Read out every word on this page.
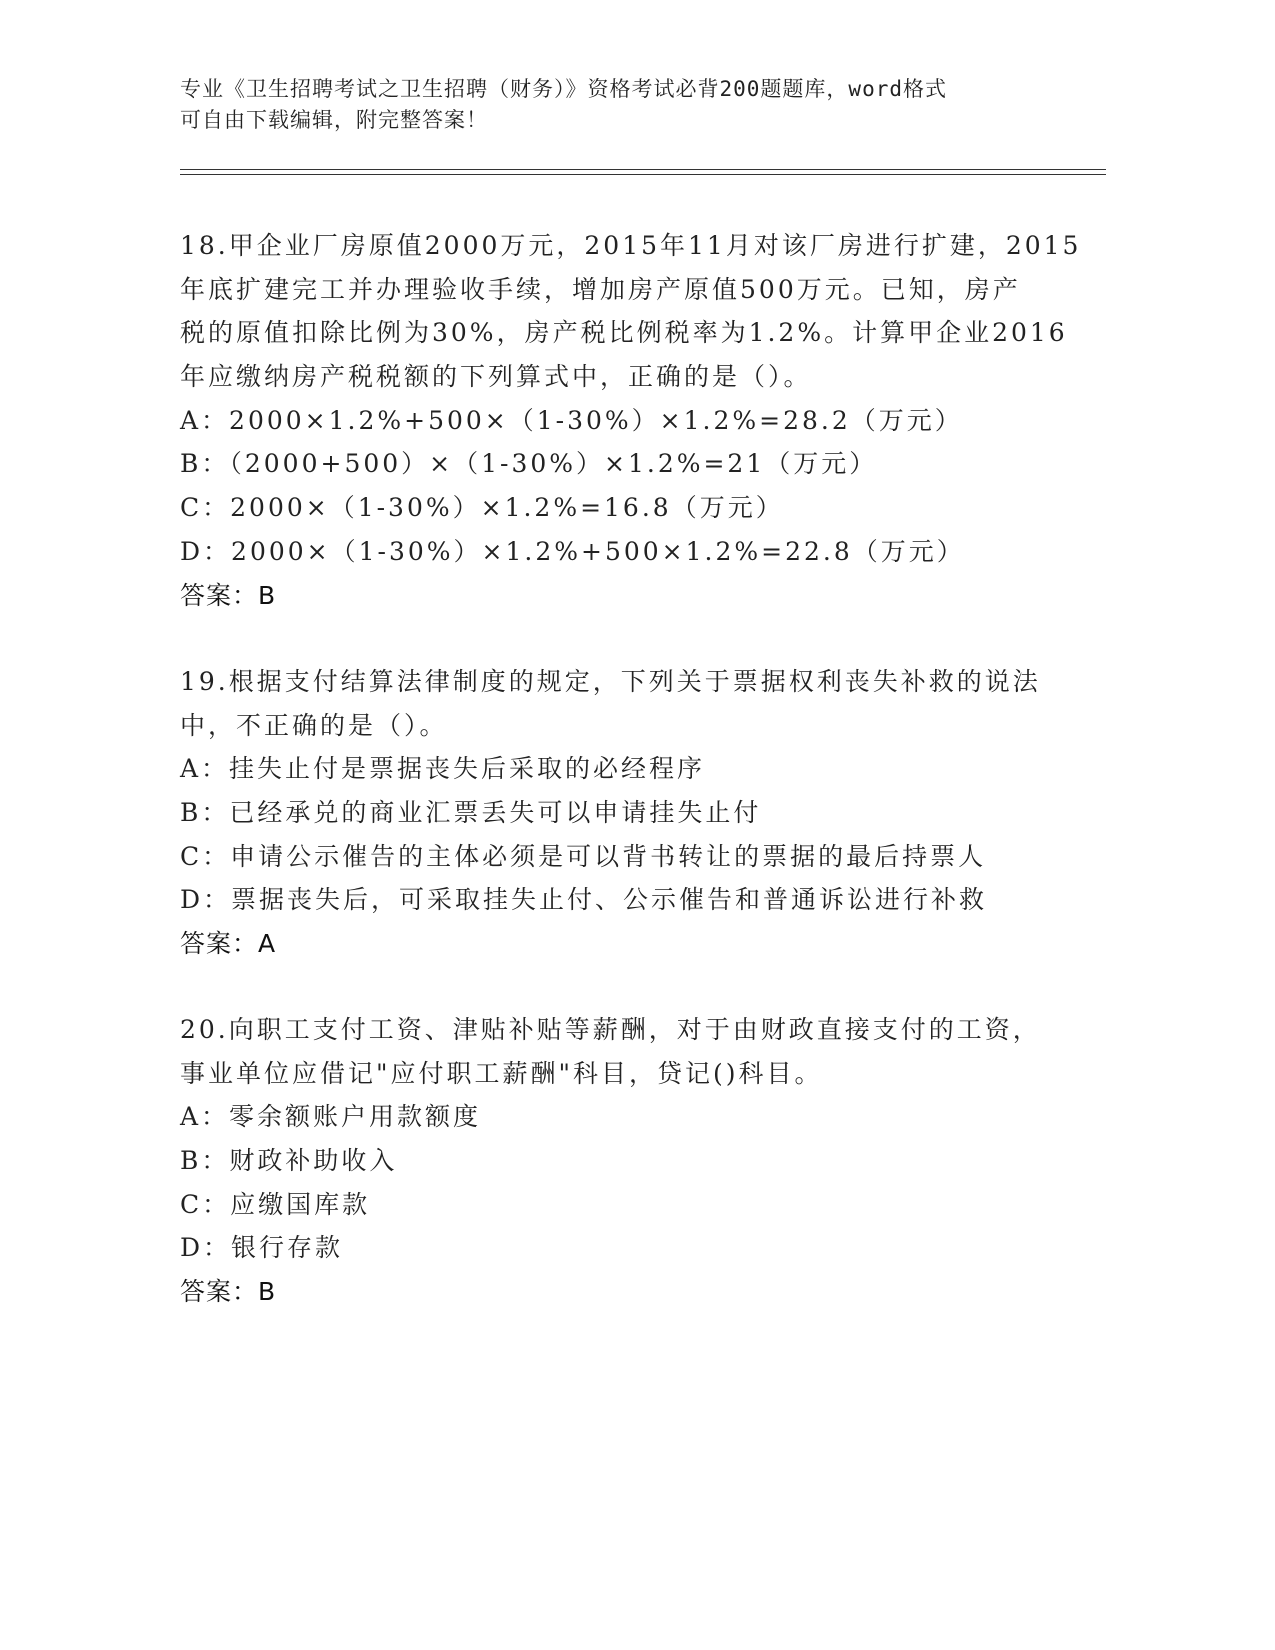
专业《卫生招聘考试之卫生招聘（财务）》资格考试必背200题题库，word格式
可自由下载编辑，附完整答案！
18.甲企业厂房原值2000万元，2015年11月对该厂房进行扩建，2015
年底扩建完工并办理验收手续，增加房产原值500万元。已知，房产
税的原值扣除比例为30%，房产税比例税率为1.2%。计算甲企业2016
年应缴纳房产税税额的下列算式中，正确的是（）。
A：2000×1.2%+500×（1-30%）×1.2%=28.2（万元）
B：（2000+500）×（1-30%）×1.2%=21（万元）
C：2000×（1-30%）×1.2%=16.8（万元）
D：2000×（1-30%）×1.2%+500×1.2%=22.8（万元）
答案：B
19.根据支付结算法律制度的规定，下列关于票据权利丧失补救的说法
中，不正确的是（）。
A：挂失止付是票据丧失后采取的必经程序
B：已经承兑的商业汇票丢失可以申请挂失止付
C：申请公示催告的主体必须是可以背书转让的票据的最后持票人
D：票据丧失后，可采取挂失止付、公示催告和普通诉讼进行补救
答案：A
20.向职工支付工资、津贴补贴等薪酬，对于由财政直接支付的工资，
事业单位应借记"应付职工薪酬"科目，贷记()科目。
A：零余额账户用款额度
B：财政补助收入
C：应缴国库款
D：银行存款
答案：B
